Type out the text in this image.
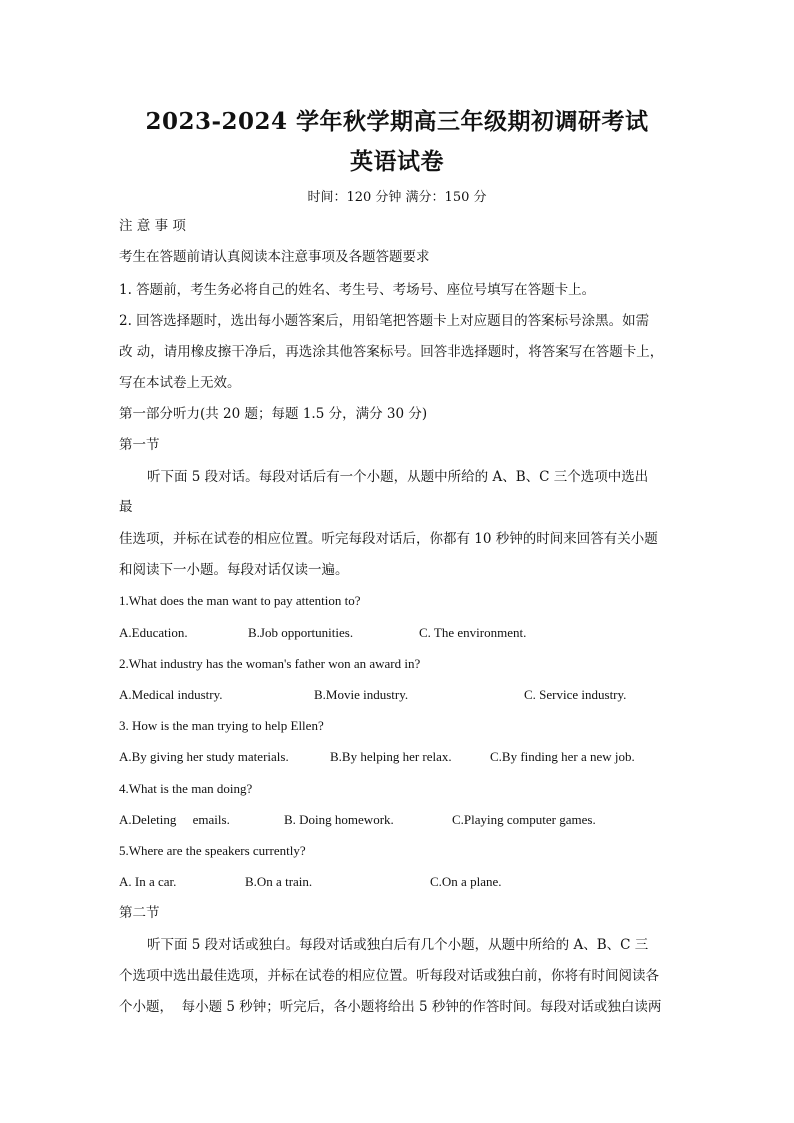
2023-2024 学年秋学期高三年级期初调研考试
英语试卷
时间：120 分钟 满分：150 分
注 意 事 项
考生在答题前请认真阅读本注意事项及各题答题要求
1. 答题前，考生务必将自己的姓名、考生号、考场号、座位号填写在答题卡上。
2. 回答选择题时，选出每小题答案后，用铅笔把答题卡上对应题目的答案标号涂黑。如需
改 动，请用橡皮擦干净后，再选涂其他答案标号。回答非选择题时，将答案写在答题卡上，
写在本试卷上无效。
第一部分听力(共 20 题；每题 1.5 分，满分 30 分)
第一节
听下面 5 段对话。每段对话后有一个小题，从题中所给的 A、B、C 三个选项中选出
最
佳选项，并标在试卷的相应位置。听完每段对话后，你都有 10 秒钟的时间来回答有关小题
和阅读下一小题。每段对话仅读一遍。
1.What does the man want to pay attention to?
A.Education.	B.Job opportunities.	C. The environment.
2.What industry has the woman's father won an award in?
A.Medical industry.	B.Movie industry.	C. Service industry.
3. How is the man trying to help Ellen?
A.By giving her study materials.	B.By helping her relax.	C.By finding her a new job.
4.What is the man doing?
A.Deleting     emails.	B. Doing homework.	C.Playing computer games.
5.Where are the speakers currently?
A. In a car.	B.On a train.	C.On a plane.
第二节
听下面 5 段对话或独白。每段对话或独白后有几个小题，从题中所给的 A、B、C 三
个选项中选出最佳选项，并标在试卷的相应位置。听每段对话或独白前，你将有时间阅读各
个小题，  每小题 5 秒钟；听完后，各小题将给出 5 秒钟的作答时间。每段对话或独白读两
